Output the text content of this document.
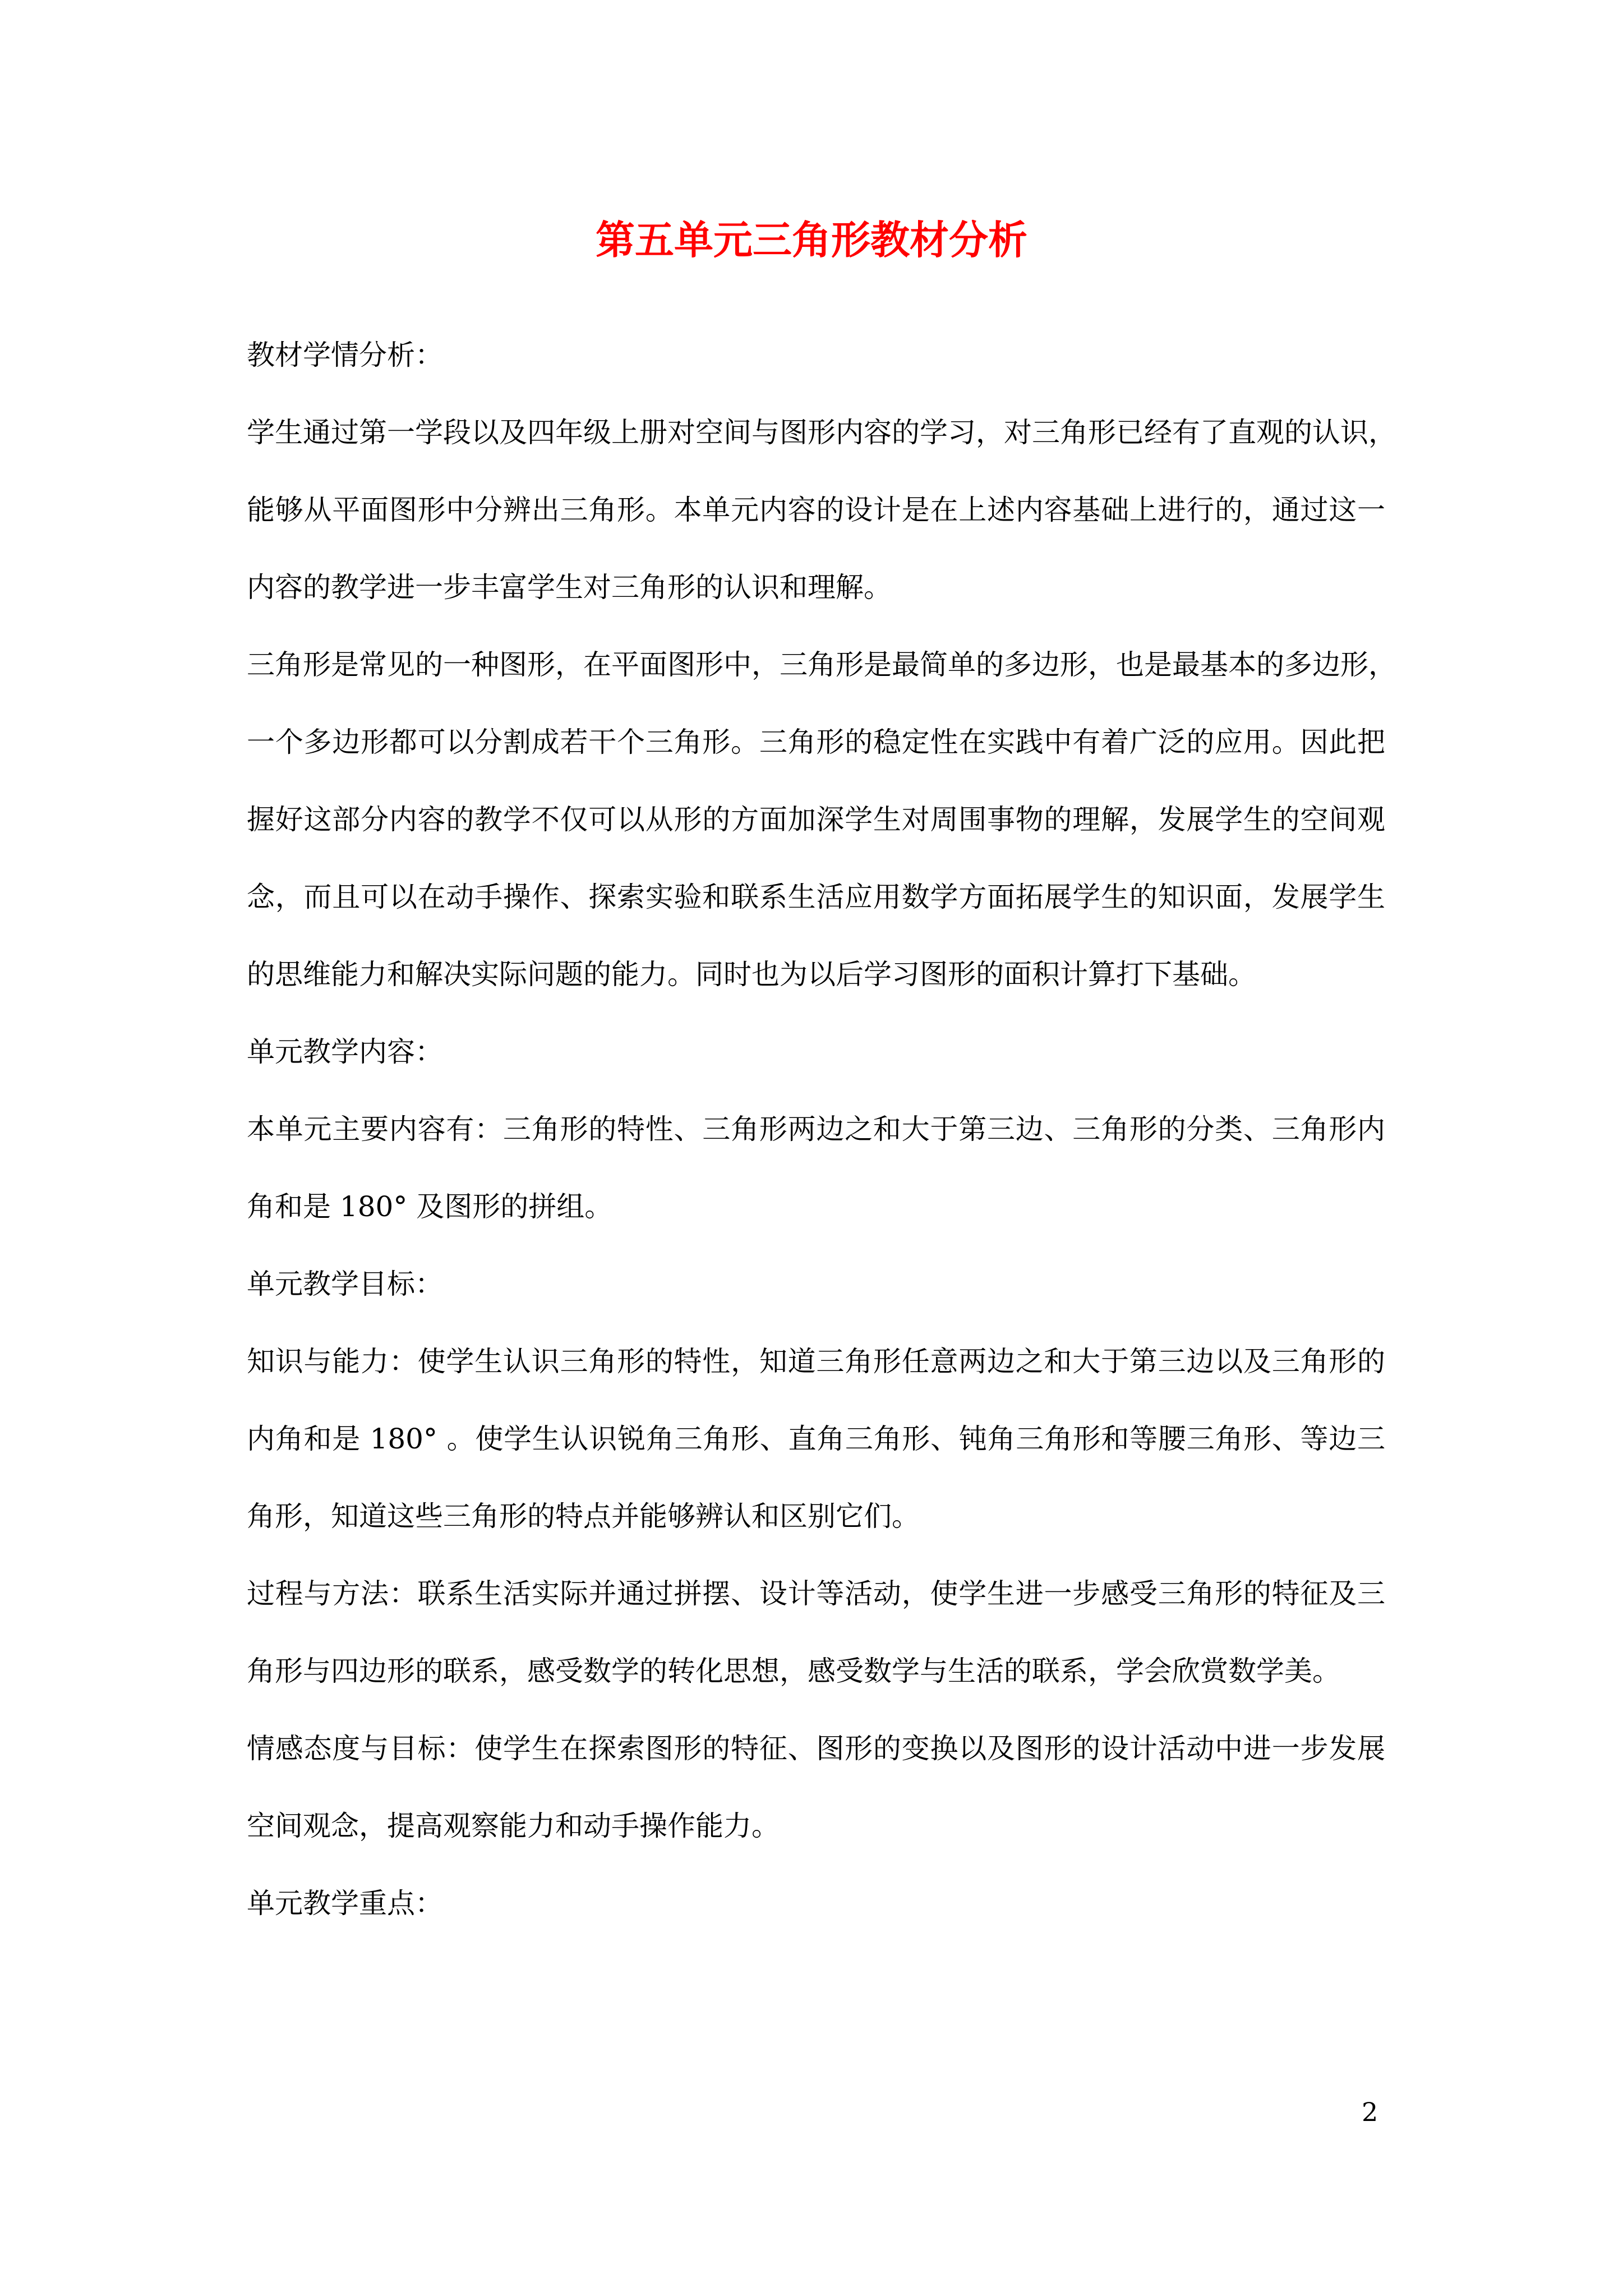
第五单元三角形教材分析
教材学情分析：
学生通过第一学段以及四年级上册对空间与图形内容的学习，对三角形已经有了直观的认识，
能够从平面图形中分辨出三角形。本单元内容的设计是在上述内容基础上进行的，通过这一
内容的教学进一步丰富学生对三角形的认识和理解。
三角形是常见的一种图形，在平面图形中，三角形是最简单的多边形，也是最基本的多边形，
一个多边形都可以分割成若干个三角形。三角形的稳定性在实践中有着广泛的应用。因此把
握好这部分内容的教学不仅可以从形的方面加深学生对周围事物的理解，发展学生的空间观
念，而且可以在动手操作、探索实验和联系生活应用数学方面拓展学生的知识面，发展学生
的思维能力和解决实际问题的能力。同时也为以后学习图形的面积计算打下基础。
单元教学内容：
本单元主要内容有：三角形的特性、三角形两边之和大于第三边、三角形的分类、三角形内
角和是 180° 及图形的拼组。
单元教学目标：
知识与能力：使学生认识三角形的特性，知道三角形任意两边之和大于第三边以及三角形的
内角和是 180° 。使学生认识锐角三角形、直角三角形、钝角三角形和等腰三角形、等边三
角形，知道这些三角形的特点并能够辨认和区别它们。
过程与方法：联系生活实际并通过拼摆、设计等活动，使学生进一步感受三角形的特征及三
角形与四边形的联系，感受数学的转化思想，感受数学与生活的联系，学会欣赏数学美。
情感态度与目标：使学生在探索图形的特征、图形的变换以及图形的设计活动中进一步发展
空间观念，提高观察能力和动手操作能力。
单元教学重点：
2
